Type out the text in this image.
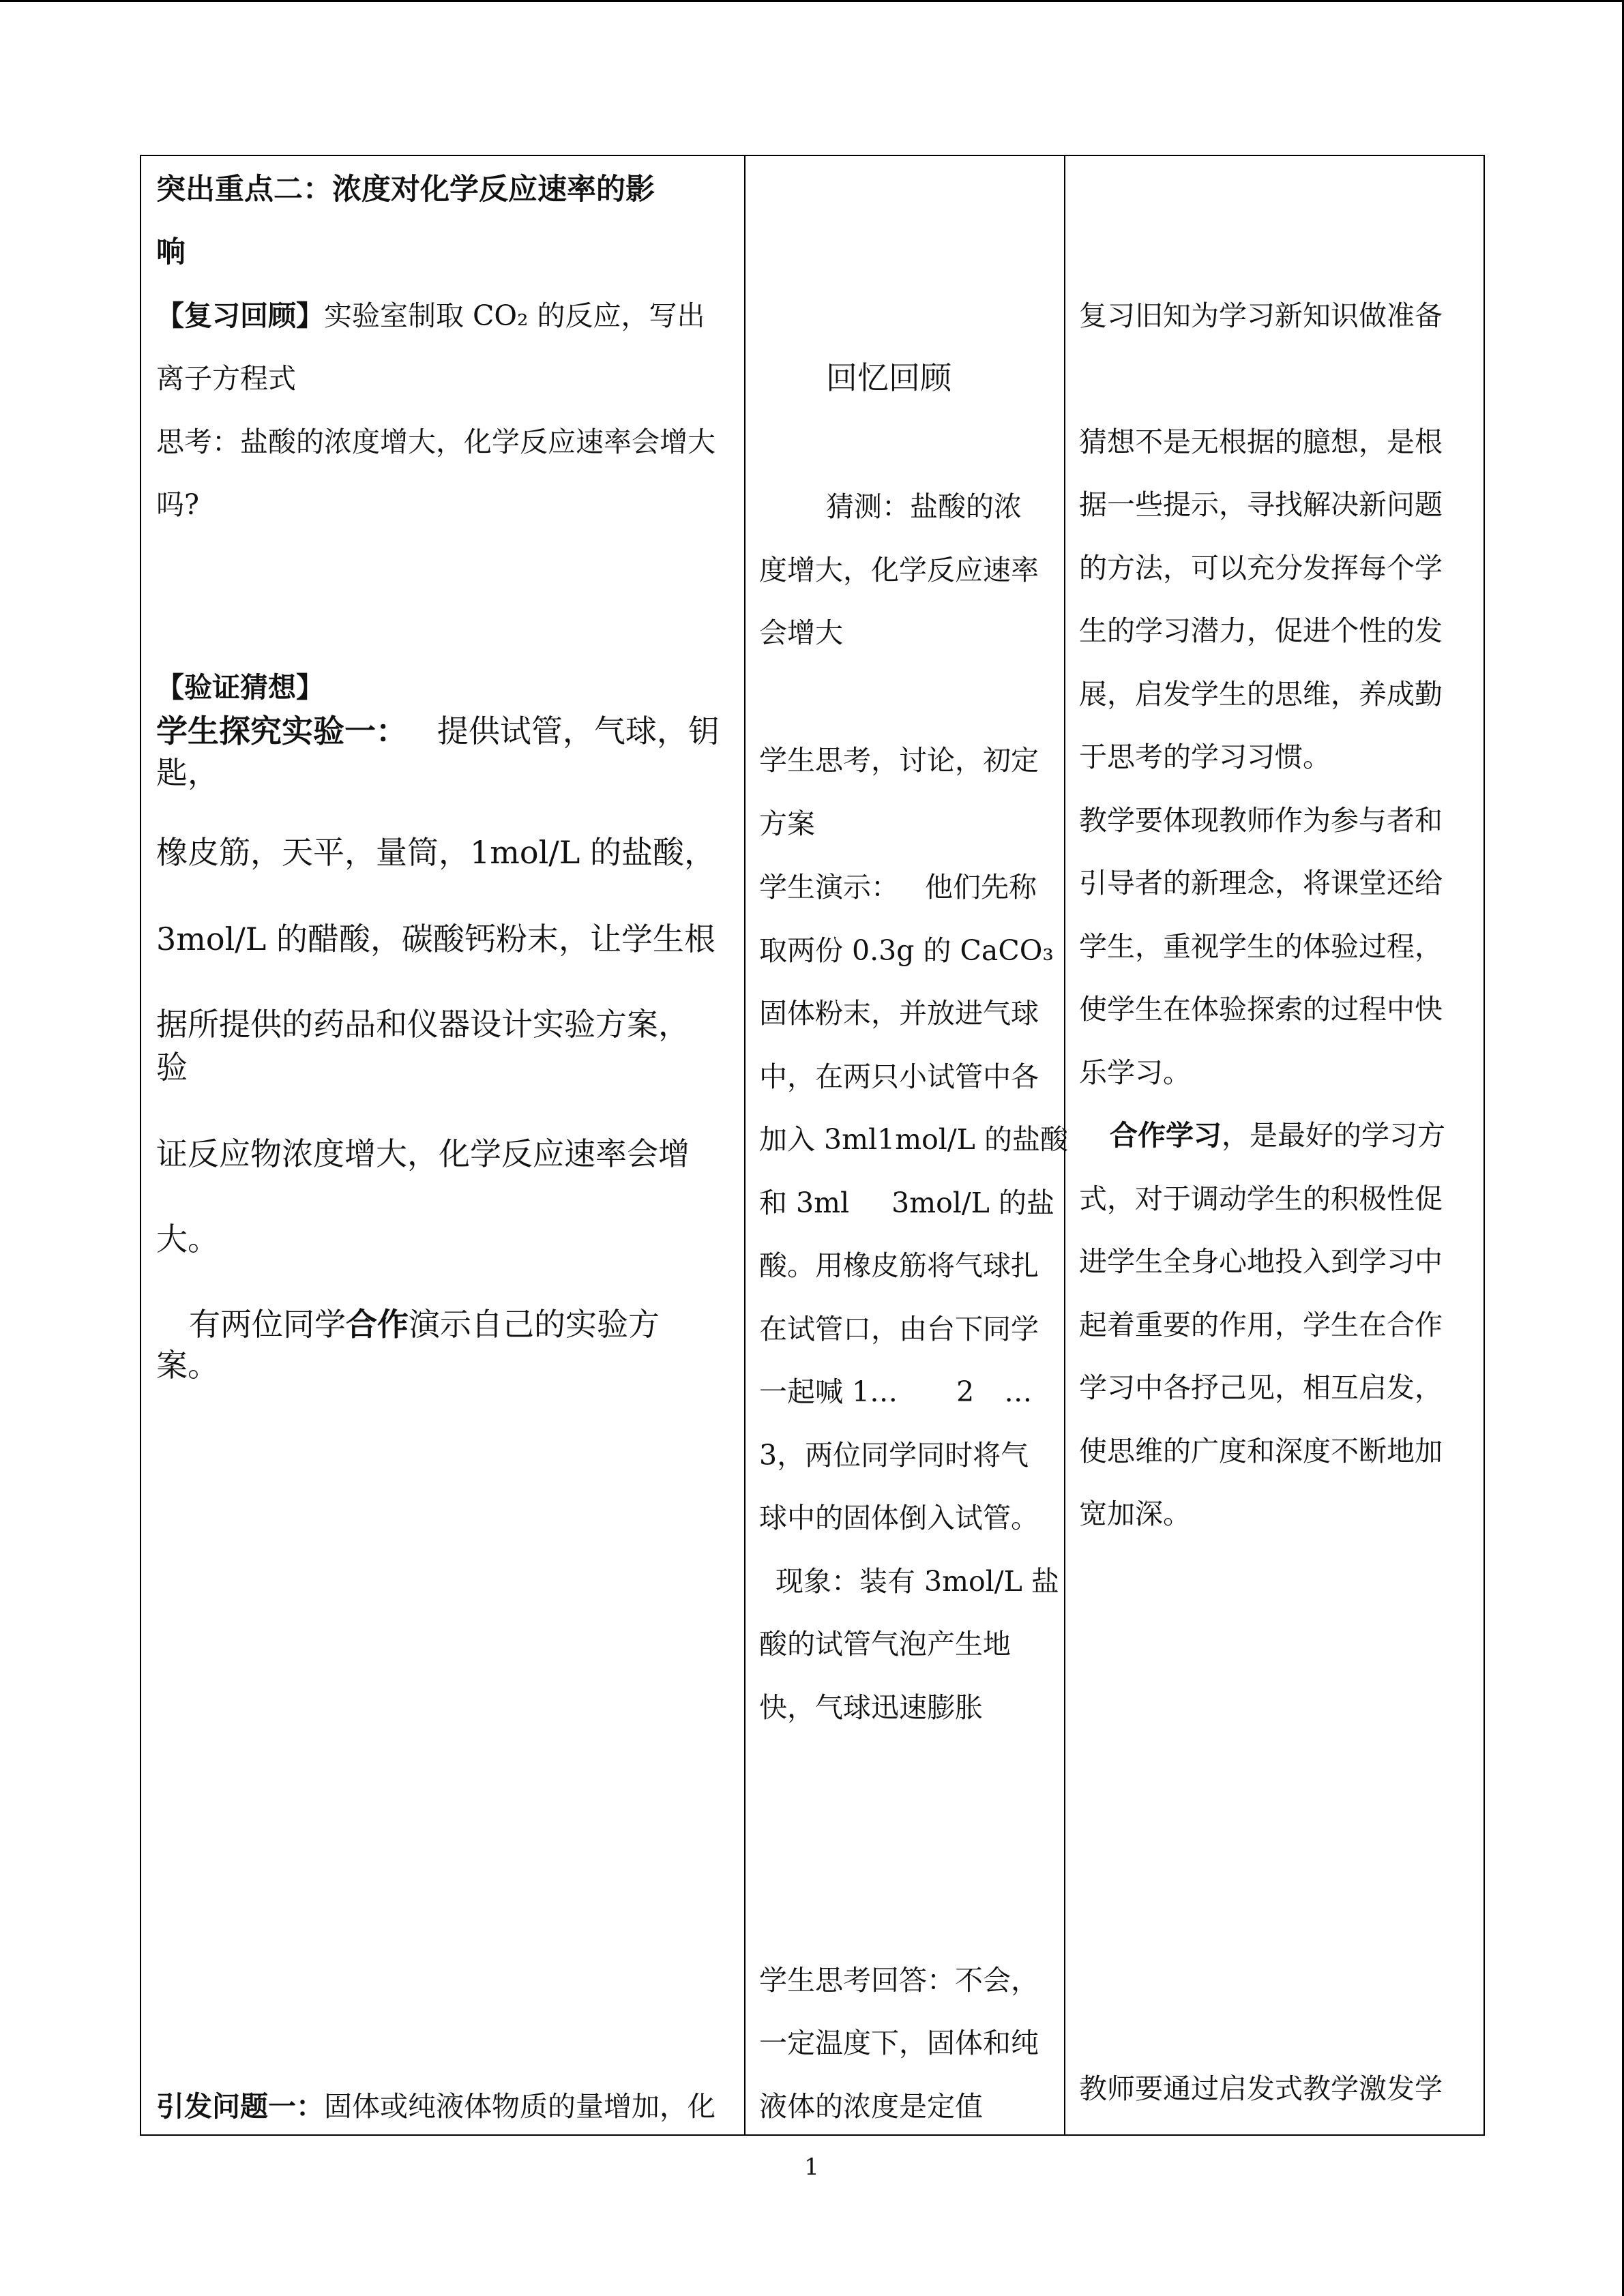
突出重点二：浓度对化学反应速率的影
响
【复习回顾】实验室制取 CO₂ 的反应，写出
离子方程式
思考：盐酸的浓度增大，化学反应速率会增大
吗?
【验证猜想】
学生探究实验一： 提供试管，气球，钥
匙，
橡皮筋，天平，量筒，1mol/L 的盐酸，
3mol/L 的醋酸，碳酸钙粉末，让学生根
据所提供的药品和仪器设计实验方案，
验
证反应物浓度增大，化学反应速率会增
大。
有两位同学合作演示自己的实验方
案。
引发问题一：固体或纯液体物质的量增加，化
回忆回顾
猜测：盐酸的浓
度增大，化学反应速率
会增大
学生思考，讨论，初定
方案
学生演示： 他们先称
取两份 0.3g 的 CaCO₃
固体粉末，并放进气球
中，在两只小试管中各
加入 3ml1mol/L 的盐酸
和 3ml 3mol/L 的盐
酸。用橡皮筋将气球扎
在试管口，由台下同学
一起喊 1… 2 …
3，两位同学同时将气
球中的固体倒入试管。
现象：装有 3mol/L 盐
酸的试管气泡产生地
快，气球迅速膨胀
学生思考回答：不会，
一定温度下，固体和纯
液体的浓度是定值
复习旧知为学习新知识做准备
猜想不是无根据的臆想，是根
据一些提示，寻找解决新问题
的方法，可以充分发挥每个学
生的学习潜力，促进个性的发
展，启发学生的思维，养成勤
于思考的学习习惯。
教学要体现教师作为参与者和
引导者的新理念，将课堂还给
学生，重视学生的体验过程，
使学生在体验探索的过程中快
乐学习。
合作学习，是最好的学习方
式，对于调动学生的积极性促
进学生全身心地投入到学习中
起着重要的作用，学生在合作
学习中各抒己见，相互启发，
使思维的广度和深度不断地加
宽加深。
教师要通过启发式教学激发学
1
